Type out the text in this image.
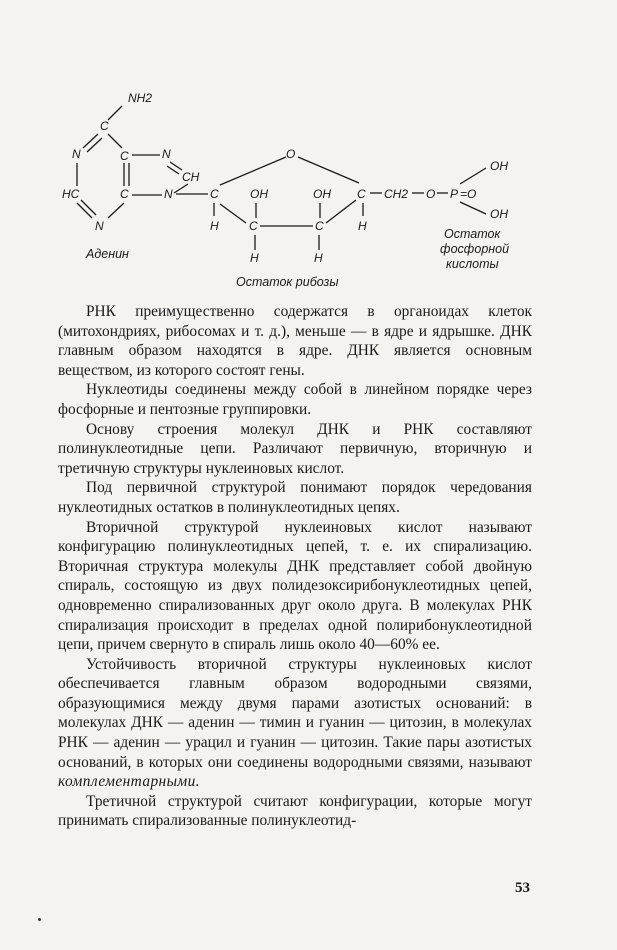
NH2
C
N	C	N
CH
HC	C	N
N
Аденин
C
O
H
OH
C	C
OH
H	H
C
H
CH2
Остаток рибозы
O P
OH
=O
OH
Остаток
фосфорной
кислоты

РНК преимущественно содержатся в органоидах клеток (митохондриях, рибосомах и т. д.), меньше — в ядре и ядрышке. ДНК главным образом находятся в ядре. ДНК является основным веществом, из которого состоят гены.

Нуклеотиды соединены между собой в линейном порядке через фосфорные и пентозные группировки.

Основу строения молекул ДНК и РНК составляют полинуклеотидные цепи. Различают первичную, вторичную и третичную структуры нуклеиновых кислот.

Под первичной структурой понимают порядок чередования нуклеотидных остатков в полинуклеотидных цепях.

Вторичной структурой нуклеиновых кислот называют конфигурацию полинуклеотидных цепей, т. е. их спирализацию. Вторичная структура молекулы ДНК представляет собой двойную спираль, состоящую из двух полидезоксирибонуклеотидных цепей, одновременно спирализованных друг около друга. В молекулах РНК спирализация происходит в пределах одной полирибонуклеотидной цепи, причем свернуто в спираль лишь около 40—60% ее.

Устойчивость вторичной структуры нуклеиновых кислот обеспечивается главным образом водородными связями, образующимися между двумя парами азотистых оснований: в молекулах ДНК — аденин — тимин и гуанин — цитозин, в молекулах РНК — аденин — урацил и гуанин — цитозин. Такие пары азотистых оснований, в которых они соединены водородными связями, называют комплементарными.

Третичной структурой считают конфигурации, которые могут принимать спирализованные полинуклеотид-

53
